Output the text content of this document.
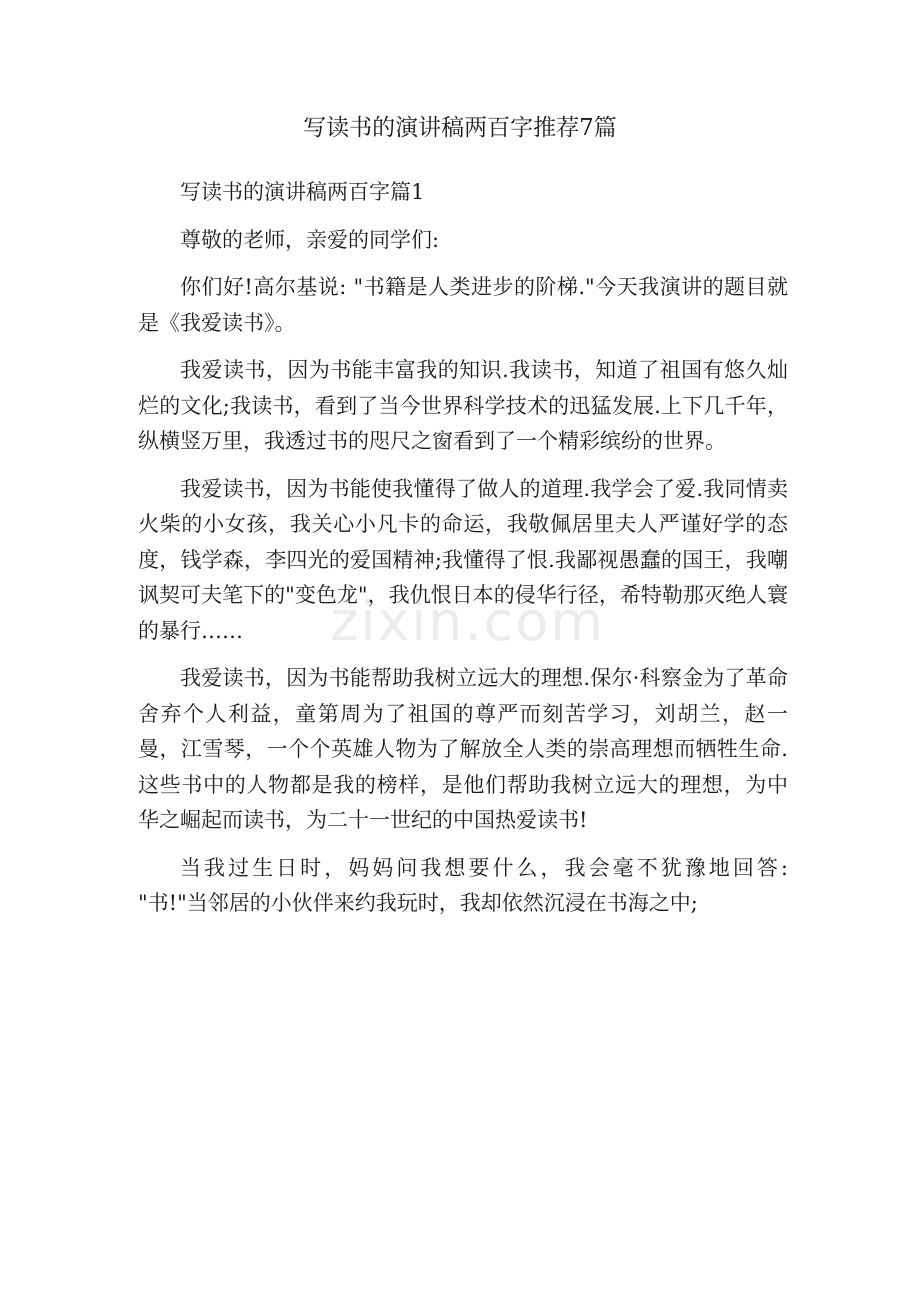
写读书的演讲稿两百字推荐7篇

写读书的演讲稿两百字篇1

尊敬的老师，亲爱的同学们:

你们好!高尔基说: "书籍是人类进步的阶梯."今天我演讲的题目就是《我爱读书》。

我爱读书，因为书能丰富我的知识.我读书，知道了祖国有悠久灿烂的文化;我读书，看到了当今世界科学技术的迅猛发展.上下几千年，纵横竖万里，我透过书的咫尺之窗看到了一个精彩缤纷的世界。

我爱读书，因为书能使我懂得了做人的道理.我学会了爱.我同情卖火柴的小女孩，我关心小凡卡的命运，我敬佩居里夫人严谨好学的态度，钱学森，李四光的爱国精神;我懂得了恨.我鄙视愚蠢的国王，我嘲讽契可夫笔下的"变色龙"，我仇恨日本的侵华行径，希特勒那灭绝人寰的暴行……

我爱读书，因为书能帮助我树立远大的理想.保尔·科察金为了革命舍弃个人利益，童第周为了祖国的尊严而刻苦学习，刘胡兰，赵一曼，江雪琴，一个个英雄人物为了解放全人类的崇高理想而牺牲生命.这些书中的人物都是我的榜样，是他们帮助我树立远大的理想，为中华之崛起而读书，为二十一世纪的中国热爱读书!

当我过生日时，妈妈问我想要什么，我会毫不犹豫地回答: "书!"当邻居的小伙伴来约我玩时，我却依然沉浸在书海之中;

zixin.com
